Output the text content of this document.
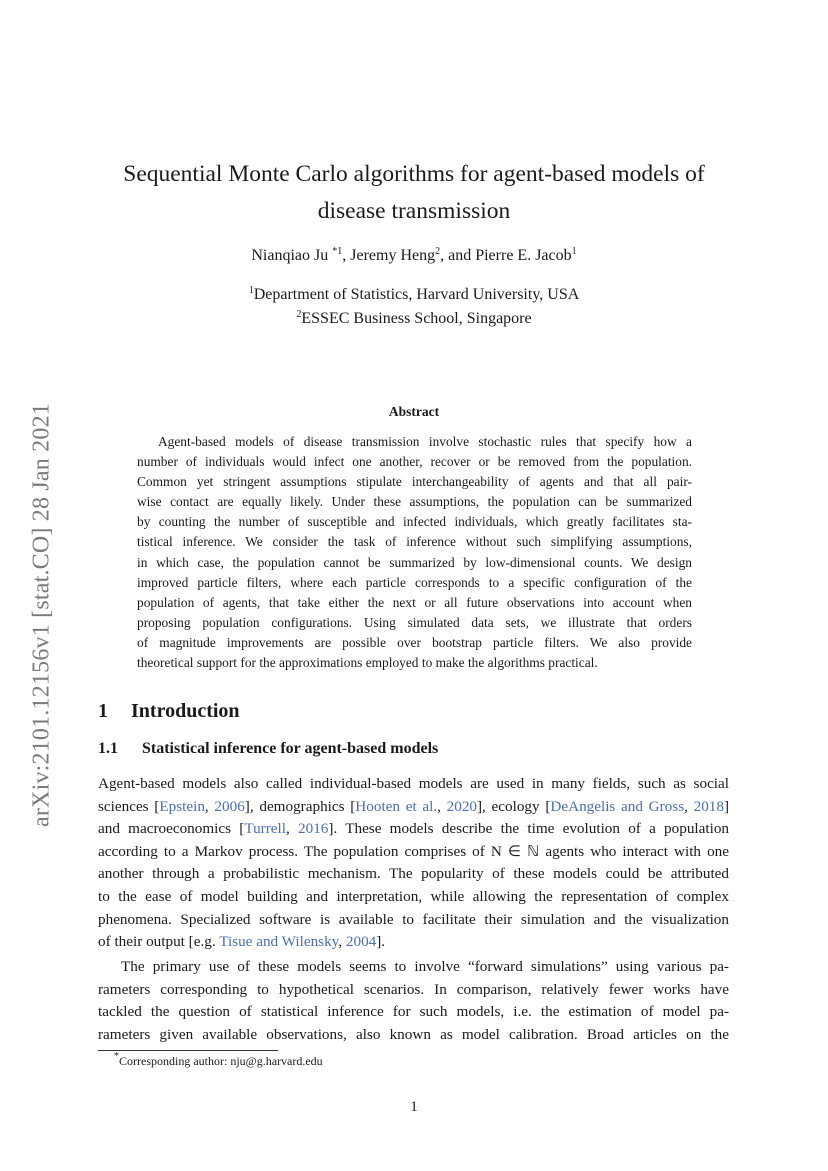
arXiv:2101.12156v1 [stat.CO] 28 Jan 2021
Sequential Monte Carlo algorithms for agent-based models of
disease transmission
Nianqiao Ju $^{*1}$, Jeremy Heng$^2$, and Pierre E. Jacob$^1$
$^1$Department of Statistics, Harvard University, USA
$^2$ESSEC Business School, Singapore
Abstract
Agent-based models of disease transmission involve stochastic rules that specify how a
number of individuals would infect one another, recover or be removed from the population.
Common yet stringent assumptions stipulate interchangeability of agents and that all pair-
wise contact are equally likely. Under these assumptions, the population can be summarized
by counting the number of susceptible and infected individuals, which greatly facilitates sta-
tistical inference. We consider the task of inference without such simplifying assumptions,
in which case, the population cannot be summarized by low-dimensional counts. We design
improved particle filters, where each particle corresponds to a specific configuration of the
population of agents, that take either the next or all future observations into account when
proposing population configurations. Using simulated data sets, we illustrate that orders
of magnitude improvements are possible over bootstrap particle filters. We also provide
theoretical support for the approximations employed to make the algorithms practical.
1 Introduction
1.1 Statistical inference for agent-based models
Agent-based models also called individual-based models are used in many fields, such as social
sciences [Epstein, 2006], demographics [Hooten et al., 2020], ecology [DeAngelis and Gross, 2018]
and macroeconomics [Turrell, 2016]. These models describe the time evolution of a population
according to a Markov process. The population comprises of N ∈ ℕ agents who interact with one
another through a probabilistic mechanism. The popularity of these models could be attributed
to the ease of model building and interpretation, while allowing the representation of complex
phenomena. Specialized software is available to facilitate their simulation and the visualization
of their output [e.g. Tisue and Wilensky, 2004].
The primary use of these models seems to involve “forward simulations” using various pa-
rameters corresponding to hypothetical scenarios. In comparison, relatively fewer works have
tackled the question of statistical inference for such models, i.e. the estimation of model pa-
rameters given available observations, also known as model calibration. Broad articles on the
*Corresponding author: nju@g.harvard.edu
1
